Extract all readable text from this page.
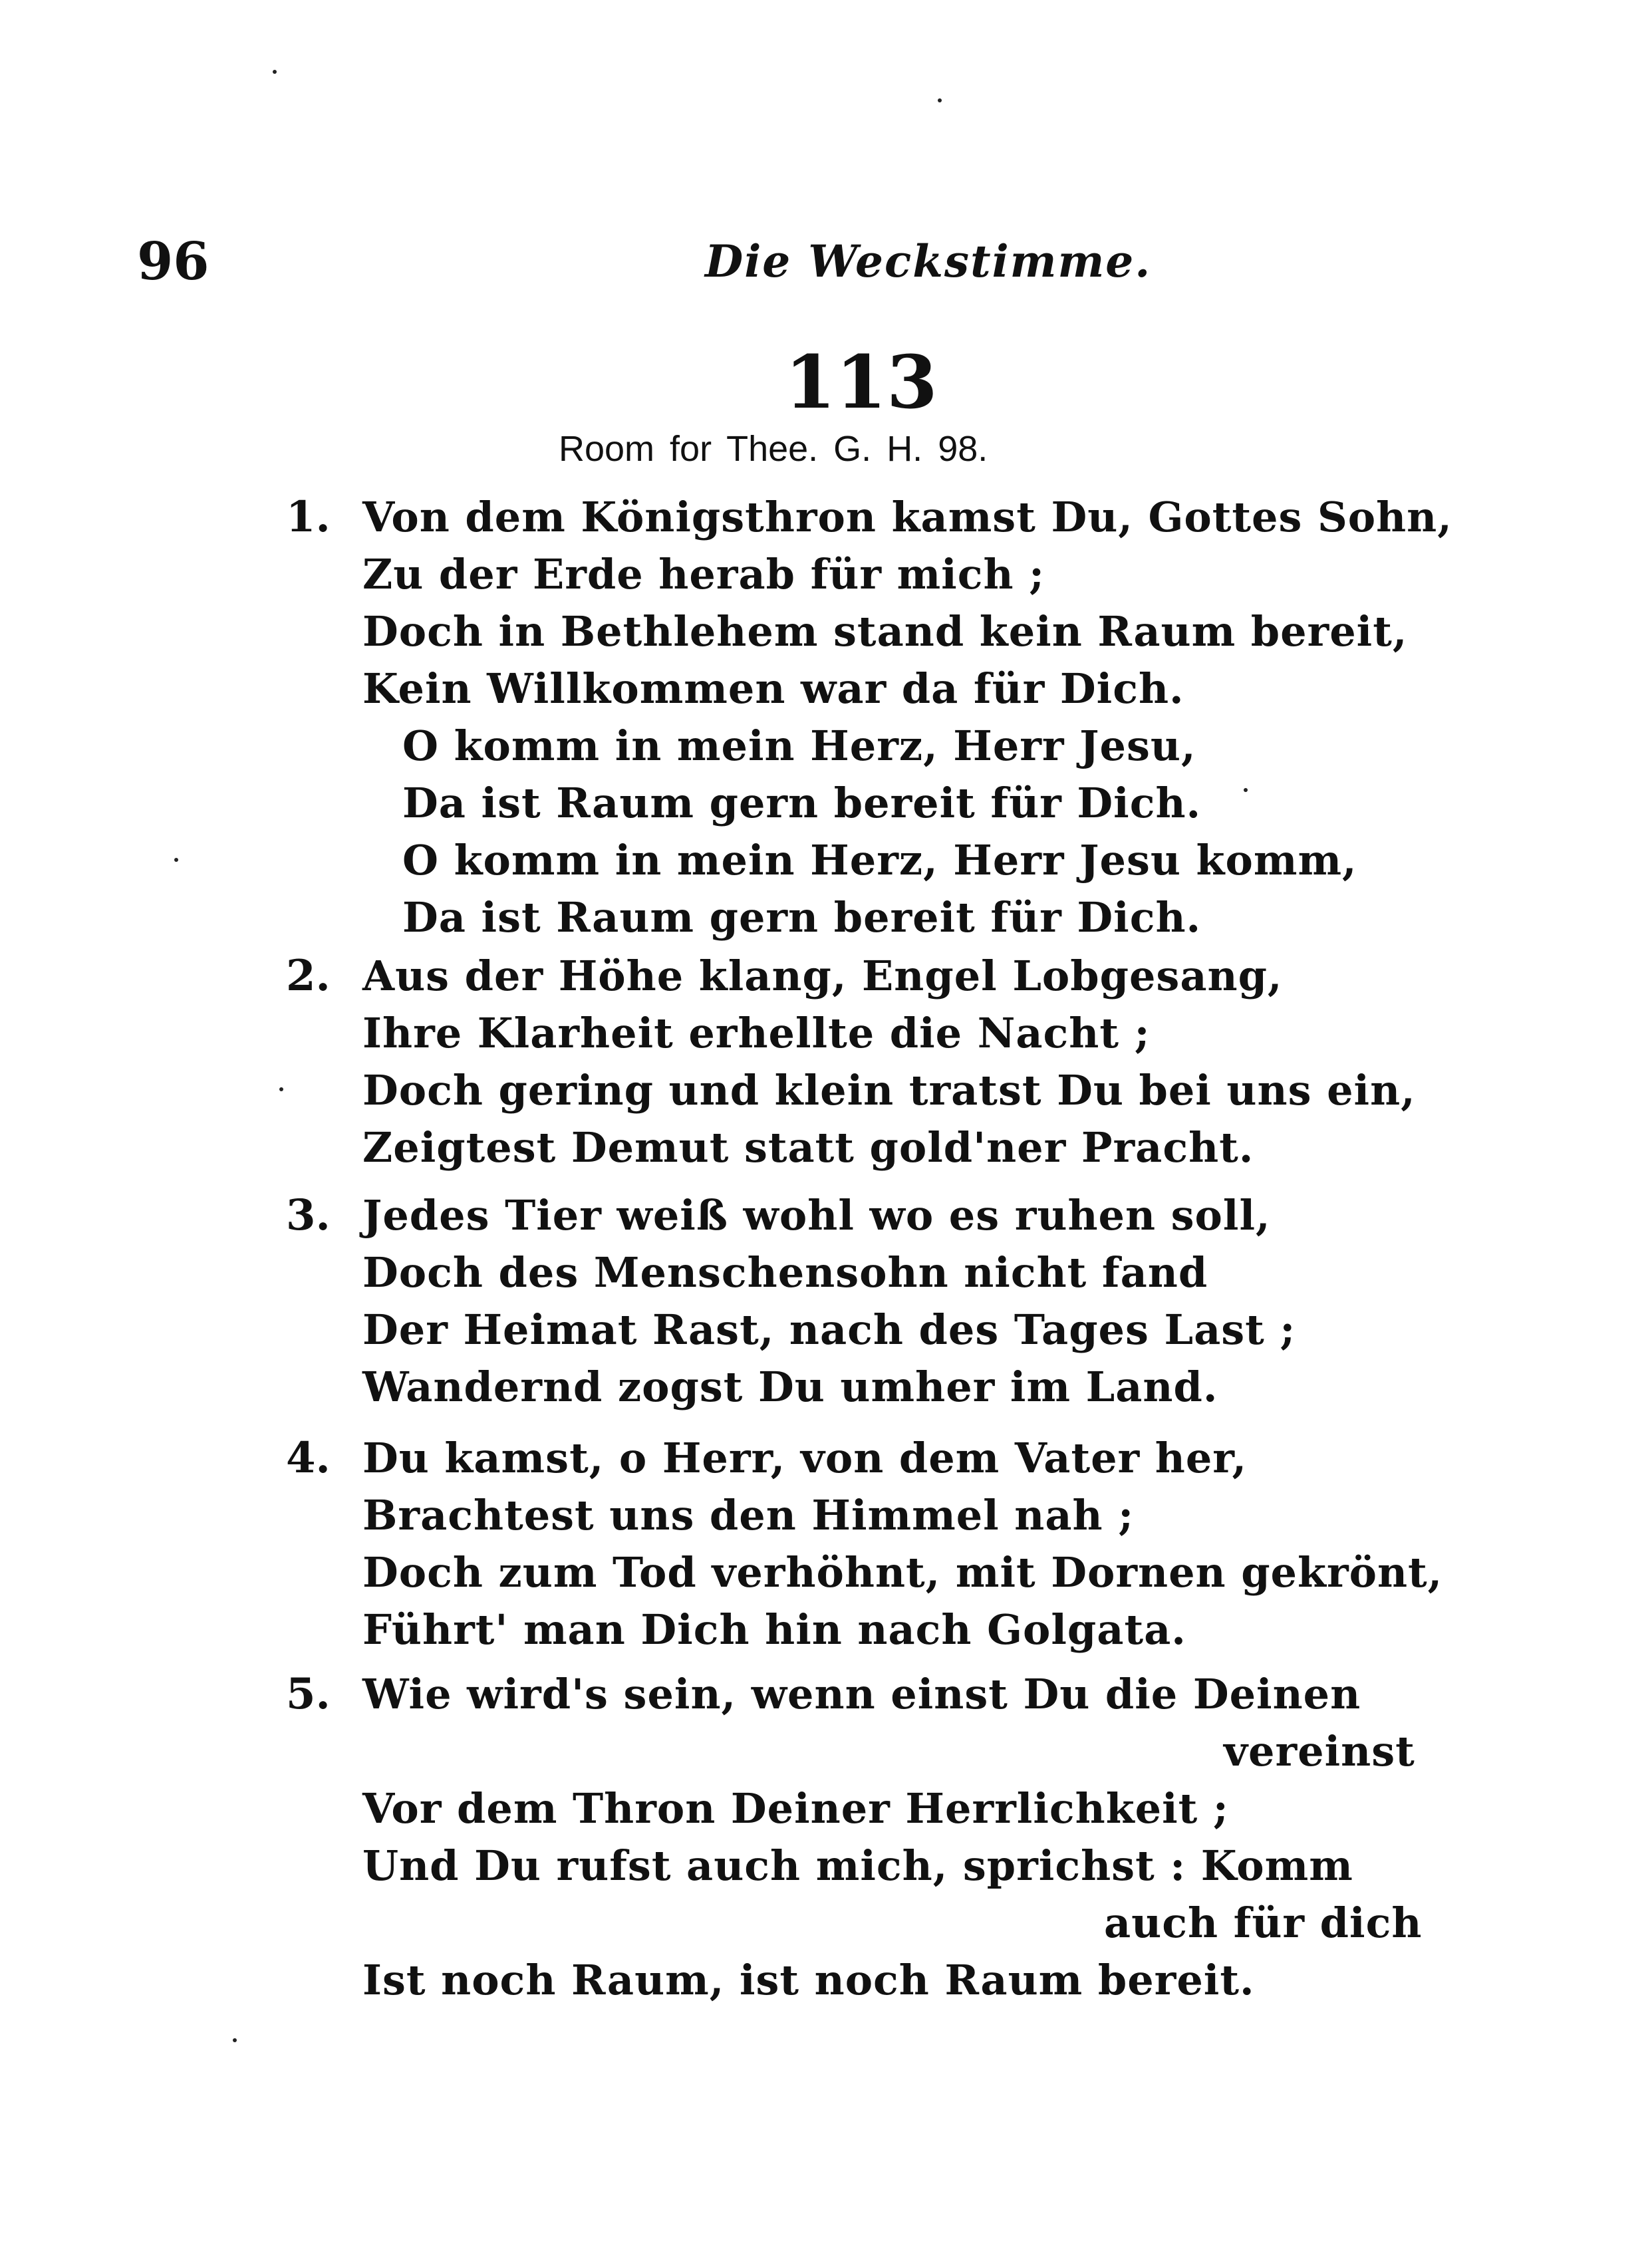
96	Die Weckstimme.
113
Room for Thee. G. H. 98.
1. Von dem Königsthron kamst Du, Gottes Sohn,
Zu der Erde herab für mich ;
Doch in Bethlehem stand kein Raum bereit,
Kein Willkommen war da für Dich.
O komm in mein Herz, Herr Jesu,
Da ist Raum gern bereit für Dich.
O komm in mein Herz, Herr Jesu komm,
Da ist Raum gern bereit für Dich.
2. Aus der Höhe klang, Engel Lobgesang,
Ihre Klarheit erhellte die Nacht ;
Doch gering und klein tratst Du bei uns ein,
Zeigtest Demut statt gold'ner Pracht.
3. Jedes Tier weiß wohl wo es ruhen soll,
Doch des Menschensohn nicht fand
Der Heimat Rast, nach des Tages Last ;
Wandernd zogst Du umher im Land.
4. Du kamst, o Herr, von dem Vater her,
Brachtest uns den Himmel nah ;
Doch zum Tod verhöhnt, mit Dornen gekrönt,
Führt' man Dich hin nach Golgata.
5. Wie wird's sein, wenn einst Du die Deinen
vereinst
Vor dem Thron Deiner Herrlichkeit ;
Und Du rufst auch mich, sprichst : Komm
auch für dich
Ist noch Raum, ist noch Raum bereit.
